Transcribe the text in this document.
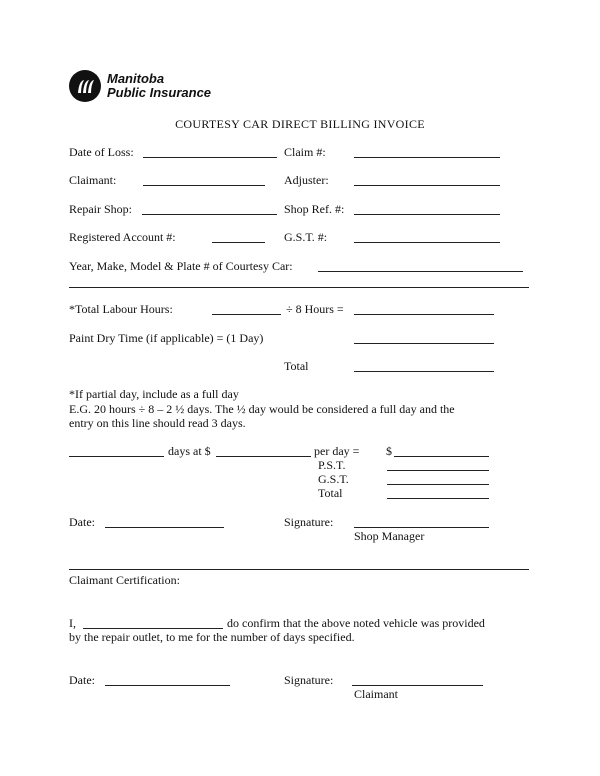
Manitoba
Public Insurance
COURTESY CAR DIRECT BILLING INVOICE
Date of Loss:	Claim #:
Claimant:	Adjuster:
Repair Shop:	Shop Ref. #:
Registered Account #:	G.S.T. #:
Year, Make, Model & Plate # of Courtesy Car:
*Total Labour Hours:	÷ 8 Hours =
Paint Dry Time (if applicable) = (1 Day)
Total
*If partial day, include as a full day
E.G. 20 hours ÷ 8 – 2 ½ days. The ½ day would be considered a full day and the
entry on this line should read 3 days.
days at $	per day = $
P.S.T.
G.S.T.
Total
Date:	Signature:
Shop Manager
Claimant Certification:
I,	do confirm that the above noted vehicle was provided
by the repair outlet, to me for the number of days specified.
Date:	Signature:
Claimant
